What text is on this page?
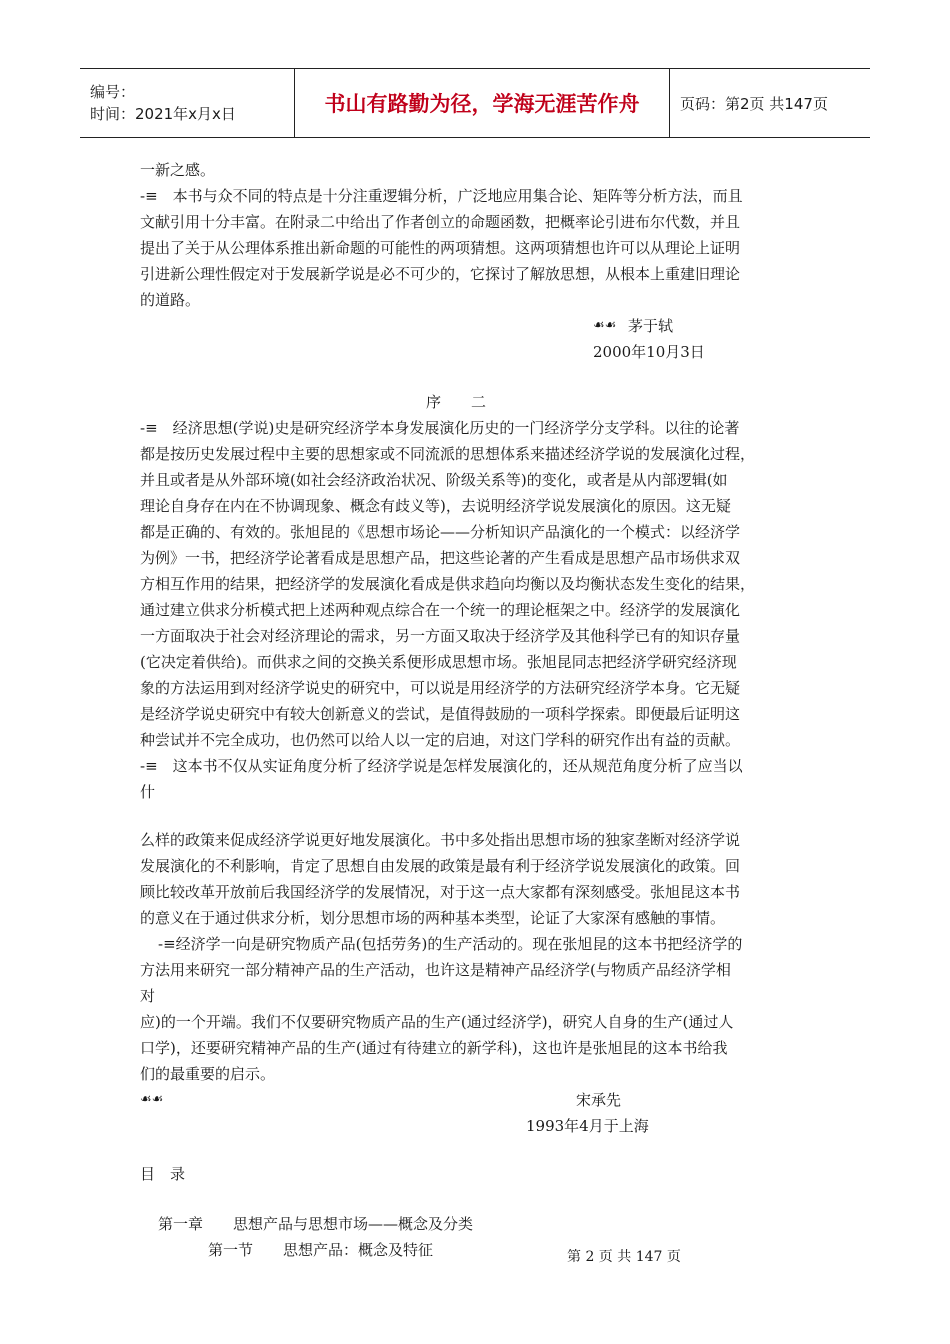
编号：
时间：2021年x月x日	书山有路勤为径，学海无涯苦作舟	页码：第2页 共147页
一新之感。
-≡　本书与众不同的特点是十分注重逻辑分析，广泛地应用集合论、矩阵等分析方法，而且
文献引用十分丰富。在附录二中给出了作者创立的命题函数，把概率论引进布尔代数，并且
提出了关于从公理体系推出新命题的可能性的两项猜想。这两项猜想也许可以从理论上证明
引进新公理性假定对于发展新学说是必不可少的，它探讨了解放思想，从根本上重建旧理论
的道路。
茅于轼
2000年10月3日
序　　二
-≡　经济思想(学说)史是研究经济学本身发展演化历史的一门经济学分支学科。以往的论著
都是按历史发展过程中主要的思想家或不同流派的思想体系来描述经济学说的发展演化过程，
并且或者是从外部环境(如社会经济政治状况、阶级关系等)的变化，或者是从内部逻辑(如
理论自身存在内在不协调现象、概念有歧义等)，去说明经济学说发展演化的原因。这无疑
都是正确的、有效的。张旭昆的《思想市场论——分析知识产品演化的一个模式：以经济学
为例》一书，把经济学论著看成是思想产品，把这些论著的产生看成是思想产品市场供求双
方相互作用的结果，把经济学的发展演化看成是供求趋向均衡以及均衡状态发生变化的结果，
通过建立供求分析模式把上述两种观点综合在一个统一的理论框架之中。经济学的发展演化
一方面取决于社会对经济理论的需求，另一方面又取决于经济学及其他科学已有的知识存量
(它决定着供给)。而供求之间的交换关系便形成思想市场。张旭昆同志把经济学研究经济现
象的方法运用到对经济学说史的研究中，可以说是用经济学的方法研究经济学本身。它无疑
是经济学说史研究中有较大创新意义的尝试，是值得鼓励的一项科学探索。即便最后证明这
种尝试并不完全成功，也仍然可以给人以一定的启迪，对这门学科的研究作出有益的贡献。
-≡　这本书不仅从实证角度分析了经济学说是怎样发展演化的，还从规范角度分析了应当以
什
么样的政策来促成经济学说更好地发展演化。书中多处指出思想市场的独家垄断对经济学说
发展演化的不利影响，肯定了思想自由发展的政策是最有利于经济学说发展演化的政策。回
顾比较改革开放前后我国经济学的发展情况，对于这一点大家都有深刻感受。张旭昆这本书
的意义在于通过供求分析，划分思想市场的两种基本类型，论证了大家深有感触的事情。
-≡经济学一向是研究物质产品(包括劳务)的生产活动的。现在张旭昆的这本书把经济学的
方法用来研究一部分精神产品的生产活动，也许这是精神产品经济学(与物质产品经济学相
对
应)的一个开端。我们不仅要研究物质产品的生产(通过经济学)，研究人自身的生产(通过人
口学)，还要研究精神产品的生产(通过有待建立的新学科)，这也许是张旭昆的这本书给我
们的最重要的启示。
宋承先
1993年4月于上海
目　录
第一章　　思想产品与思想市场——概念及分类
第一节　　思想产品：概念及特征
☙☙
☙☙
第 2 页 共 147 页
